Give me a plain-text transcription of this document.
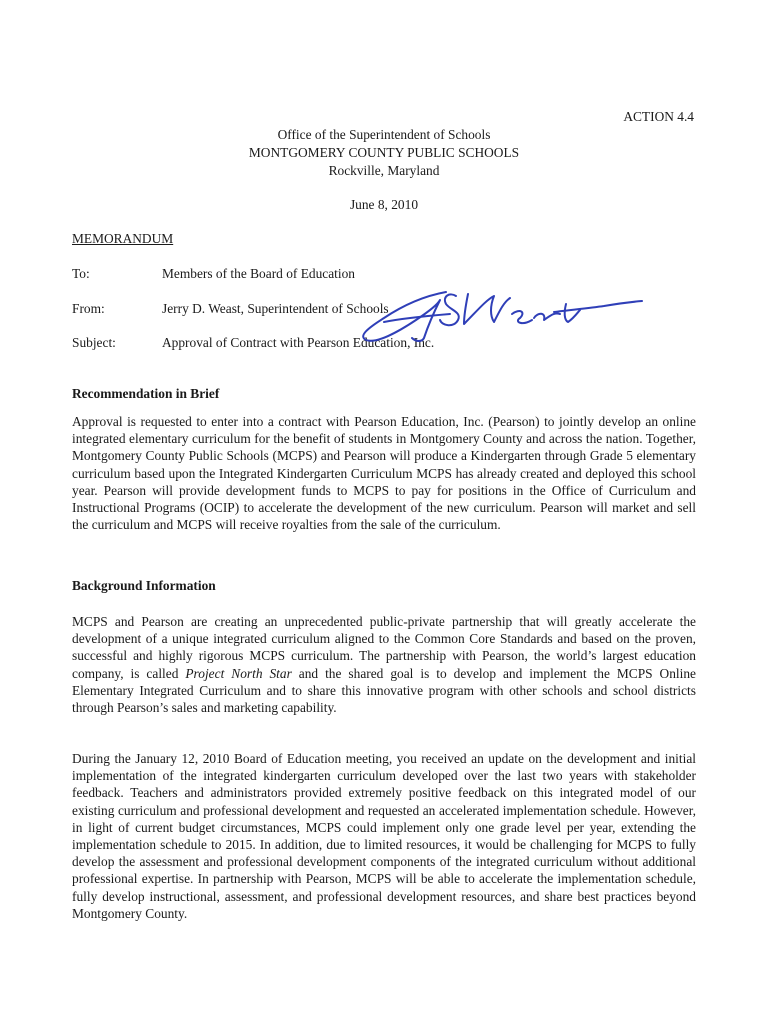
ACTION 4.4
Office of the Superintendent of Schools
MONTGOMERY COUNTY PUBLIC SCHOOLS
Rockville, Maryland
June 8, 2010
MEMORANDUM
To:	Members of the Board of Education
From:	Jerry D. Weast, Superintendent of Schools
Subject:	Approval of Contract with Pearson Education, Inc.
Recommendation in Brief

Approval is requested to enter into a contract with Pearson Education, Inc. (Pearson) to jointly develop an online integrated elementary curriculum for the benefit of students in Montgomery County and across the nation. Together, Montgomery County Public Schools (MCPS) and Pearson will produce a Kindergarten through Grade 5 elementary curriculum based upon the Integrated Kindergarten Curriculum MCPS has already created and deployed this school year. Pearson will provide development funds to MCPS to pay for positions in the Office of Curriculum and Instructional Programs (OCIP) to accelerate the development of the new curriculum. Pearson will market and sell the curriculum and MCPS will receive royalties from the sale of the curriculum.

Background Information

MCPS and Pearson are creating an unprecedented public-private partnership that will greatly accelerate the development of a unique integrated curriculum aligned to the Common Core Standards and based on the proven, successful and highly rigorous MCPS curriculum. The partnership with Pearson, the world’s largest education company, is called Project North Star and the shared goal is to develop and implement the MCPS Online Elementary Integrated Curriculum and to share this innovative program with other schools and school districts through Pearson’s sales and marketing capability.

During the January 12, 2010 Board of Education meeting, you received an update on the development and initial implementation of the integrated kindergarten curriculum developed over the last two years with stakeholder feedback. Teachers and administrators provided extremely positive feedback on this integrated model of our existing curriculum and professional development and requested an accelerated implementation schedule. However, in light of current budget circumstances, MCPS could implement only one grade level per year, extending the implementation schedule to 2015. In addition, due to limited resources, it would be challenging for MCPS to fully develop the assessment and professional development components of the integrated curriculum without additional professional expertise. In partnership with Pearson, MCPS will be able to accelerate the implementation schedule, fully develop instructional, assessment, and professional development resources, and share best practices beyond Montgomery County.
